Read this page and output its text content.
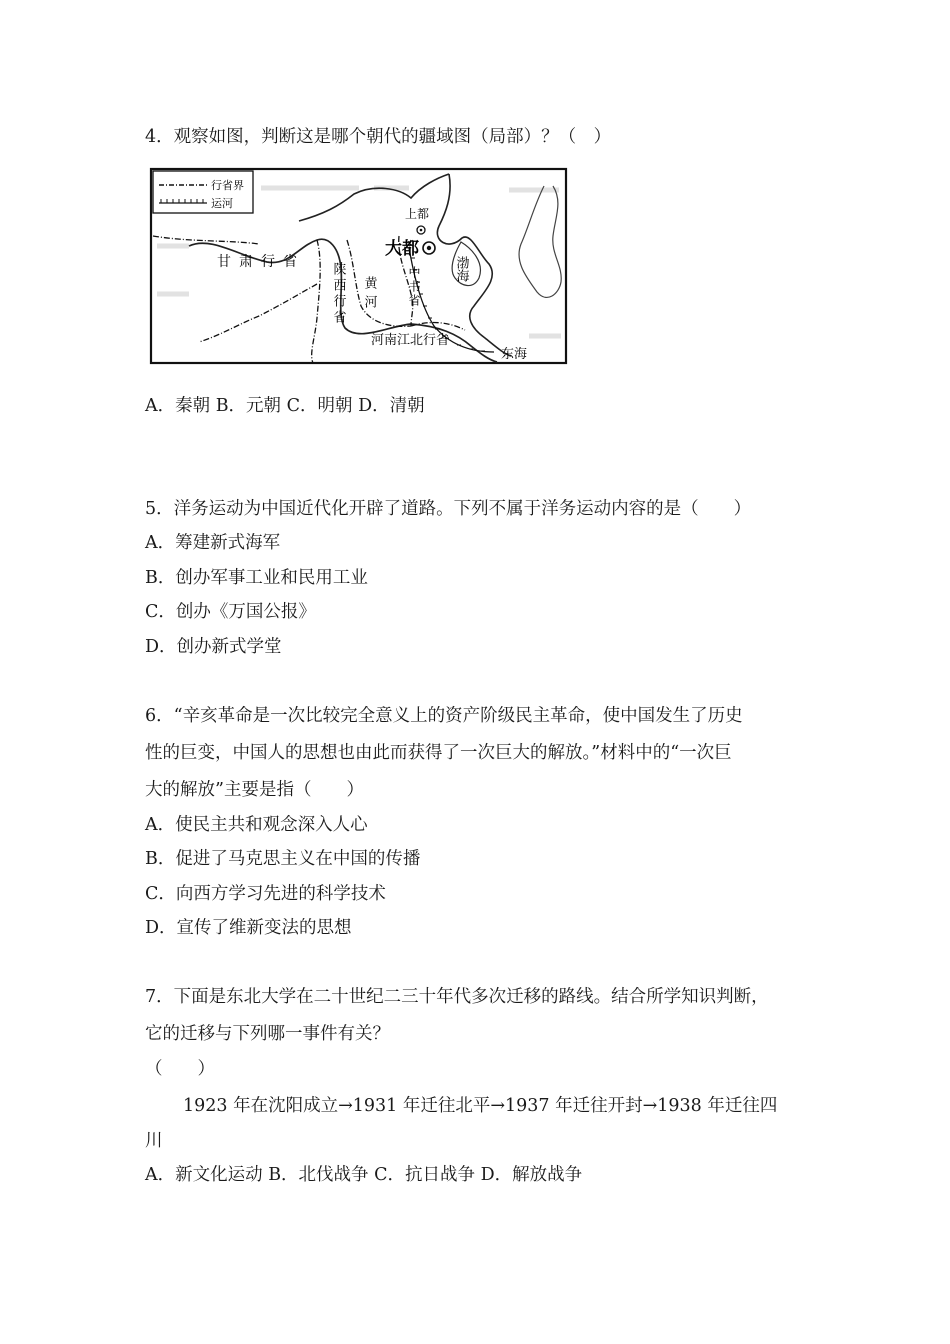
4．观察如图，判断这是哪个朝代的疆域图（局部）？（　）
行省界
运河
甘肃行省
上都
大都
渤海
中书省
陕西行省 黄河
河南江北行省
东海
A．秦朝 B．元朝 C．明朝 D．清朝
5．洋务运动为中国近代化开辟了道路。下列不属于洋务运动内容的是（　　）
A．筹建新式海军
B．创办军事工业和民用工业
C．创办《万国公报》
D．创办新式学堂
6．“辛亥革命是一次比较完全意义上的资产阶级民主革命，使中国发生了历史
性的巨变，中国人的思想也由此而获得了一次巨大的解放。”材料中的“一次巨
大的解放”主要是指（　　）
A．使民主共和观念深入人心
B．促进了马克思主义在中国的传播
C．向西方学习先进的科学技术
D．宣传了维新变法的思想
7．下面是东北大学在二十世纪二三十年代多次迁移的路线。结合所学知识判断，
它的迁移与下列哪一事件有关？
（　　）
1923 年在沈阳成立→1931 年迁往北平→1937 年迁往开封→1938 年迁往四
川
A．新文化运动 B．北伐战争 C．抗日战争 D．解放战争
